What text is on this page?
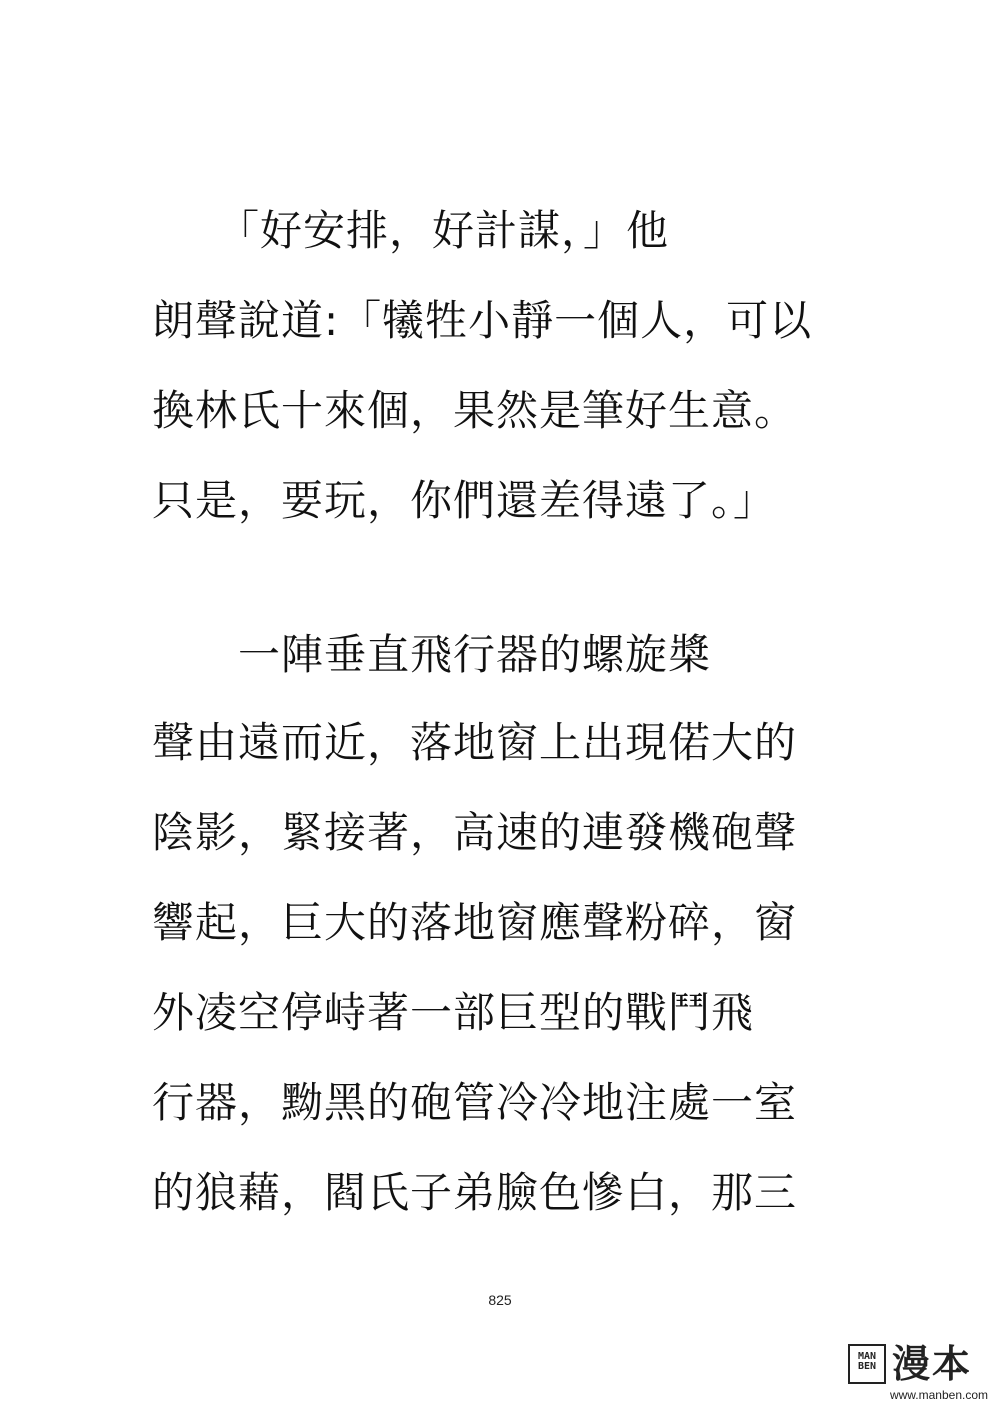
　　「好安排，好計謀，」他
朗聲說道:「犧牲小靜一個人，可以
換林氏十來個，果然是筆好生意。
只是，要玩，你們還差得遠了。」
　　一陣垂直飛行器的螺旋槳
聲由遠而近，落地窗上出現偌大的
陰影，緊接著，高速的連發機砲聲
響起，巨大的落地窗應聲粉碎，窗
外凌空停峙著一部巨型的戰鬥飛
行器，黝黑的砲管冷冷地注處一室
的狼藉，閻氏子弟臉色慘白，那三
825
MAN
BEN 漫本
www.manben.com
